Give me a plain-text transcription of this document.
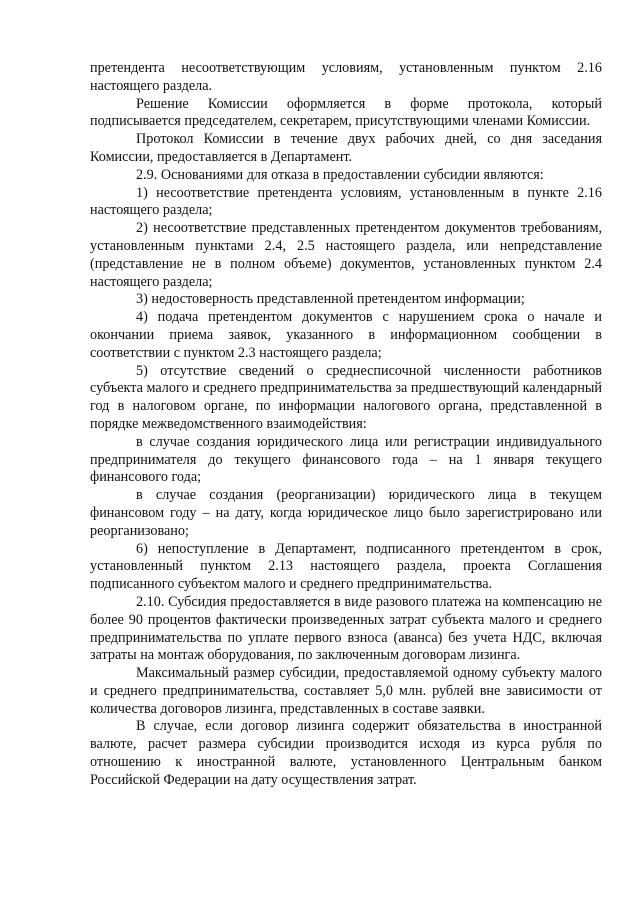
претендента несоответствующим условиям, установленным пунктом 2.16 настоящего раздела.

Решение Комиссии оформляется в форме протокола, который подписывается председателем, секретарем, присутствующими членами Комиссии.

Протокол Комиссии в течение двух рабочих дней, со дня заседания Комиссии, предоставляется в Департамент.

2.9. Основаниями для отказа в предоставлении субсидии являются:

1) несоответствие претендента условиям, установленным в пункте 2.16 настоящего раздела;

2) несоответствие представленных претендентом документов требованиям, установленным пунктами 2.4, 2.5 настоящего раздела, или непредставление (представление не в полном объеме) документов, установленных пунктом 2.4 настоящего раздела;

3) недостоверность представленной претендентом информации;

4) подача претендентом документов с нарушением срока о начале и окончании приема заявок, указанного в информационном сообщении в соответствии с пунктом 2.3 настоящего раздела;

5) отсутствие сведений о среднесписочной численности работников субъекта малого и среднего предпринимательства за предшествующий календарный год в налоговом органе, по информации налогового органа, представленной в порядке межведомственного взаимодействия:

в случае создания юридического лица или регистрации индивидуального предпринимателя до текущего финансового года – на 1 января текущего финансового года;

в случае создания (реорганизации) юридического лица в текущем финансовом году – на дату, когда юридическое лицо было зарегистрировано или реорганизовано;

6) непоступление в Департамент, подписанного претендентом в срок, установленный пунктом 2.13 настоящего раздела, проекта Соглашения подписанного субъектом малого и среднего предпринимательства.

2.10. Субсидия предоставляется в виде разового платежа на компенсацию не более 90 процентов фактически произведенных затрат субъекта малого и среднего предпринимательства по уплате первого взноса (аванса) без учета НДС, включая затраты на монтаж оборудования, по заключенным договорам лизинга.

Максимальный размер субсидии, предоставляемой одному субъекту малого и среднего предпринимательства, составляет 5,0 млн. рублей вне зависимости от количества договоров лизинга, представленных в составе заявки.

В случае, если договор лизинга содержит обязательства в иностранной валюте, расчет размера субсидии производится исходя из курса рубля по отношению к иностранной валюте, установленного Центральным банком Российской Федерации на дату осуществления затрат.
